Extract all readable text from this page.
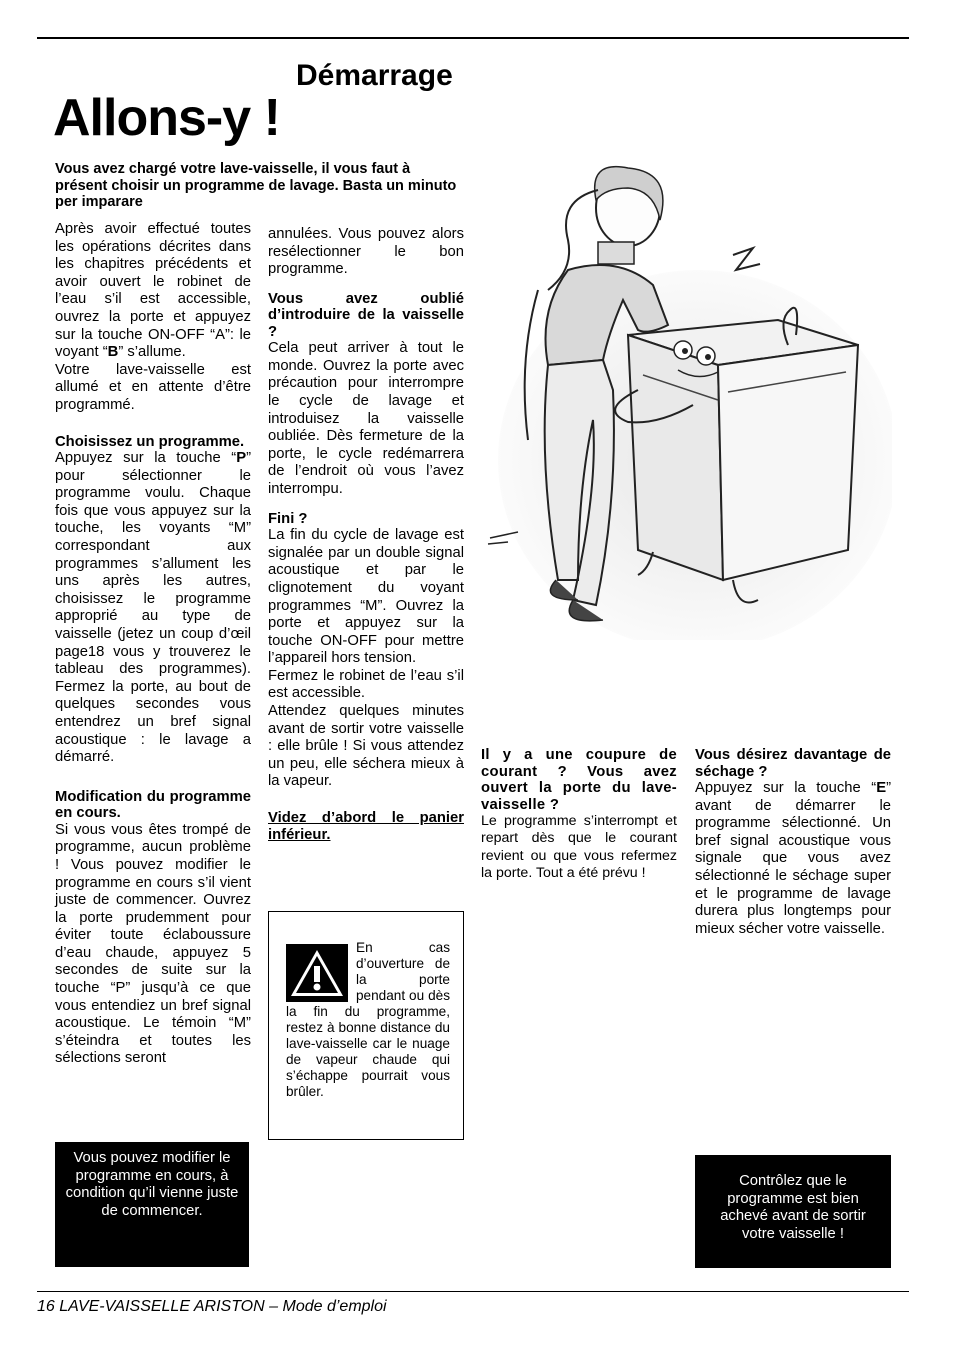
Démarrage
Allons-y !
Vous avez chargé votre lave-vaisselle, il vous faut à présent choisir un programme de lavage. Basta un minuto per imparare

Après avoir effectué toutes les opérations décrites dans les chapitres précédents et avoir ouvert le robinet de l’eau s’il est accessible, ouvrez la porte et appuyez sur la touche ON-OFF “A”: le voyant “B” s’allume.

Votre lave-vaisselle est allumé et en attente d’être programmé.

Choisissez un programme.

Appuyez sur la touche “P” pour sélectionner le programme voulu. Chaque fois que vous appuyez sur la touche, les voyants “M” correspondant aux programmes s’allument les uns après les autres, choisissez le programme approprié au type de vaisselle (jetez un coup d’œil page18 vous y trouverez le tableau des programmes). Fermez la porte, au bout de quelques secondes vous entendrez un bref signal acoustique : le lavage a démarré.

Modification du programme en cours.

Si vous vous êtes trompé de programme, aucun problème ! Vous pouvez modifier le programme en cours s’il vient juste de commencer. Ouvrez la porte prudemment pour éviter toute éclaboussure d’eau chaude, appuyez 5 secondes de suite sur la touche “P” jusqu’à ce que vous entendiez un bref signal acoustique. Le témoin “M” s’éteindra et toutes les sélections seront

annulées. Vous pouvez alors resélectionner le bon programme.

Vous avez oublié d’introduire de la vaisselle ?

Cela peut arriver à tout le monde. Ouvrez la porte avec précaution pour interrompre le cycle de lavage et introduisez la vaisselle oubliée. Dès fermeture de la porte, le cycle redémarrera de l’endroit où vous l’avez interrompu.

Fini ?

La fin du cycle de lavage est signalée par un double signal acoustique et par le clignotement du voyant programmes “M”. Ouvrez la porte et appuyez sur la touche ON-OFF pour mettre l’appareil hors tension.

Fermez le robinet de l’eau s’il est accessible.

Attendez quelques minutes avant de sortir votre vaisselle : elle brûle ! Si vous attendez un peu, elle séchera mieux à la vapeur.

Videz d’abord le panier inférieur.
En cas d’ouverture de la porte pendant ou dès la fin du programme, restez à bonne distance du lave-vaisselle car le nuage de vapeur chaude qui s’échappe pourrait vous brûler.
Il y a une coupure de courant ? Vous avez ouvert la porte du lave-vaisselle ?

Le programme s’interrompt et repart dès que le courant revient ou que vous refermez la porte. Tout a été prévu !

Vous désirez davantage de séchage ?

Appuyez sur la touche “E” avant de démarrer le programme sélectionné. Un bref signal acoustique vous signale que vous avez sélectionné le séchage super et le programme de lavage durera plus longtemps pour mieux sécher votre vaisselle.

Vous pouvez modifier le programme en cours, à condition qu’il vienne juste de commencer.
Contrôlez que le programme est bien achevé avant de sortir votre vaisselle !
16 LAVE-VAISSELLE ARISTON – Mode d’emploi
